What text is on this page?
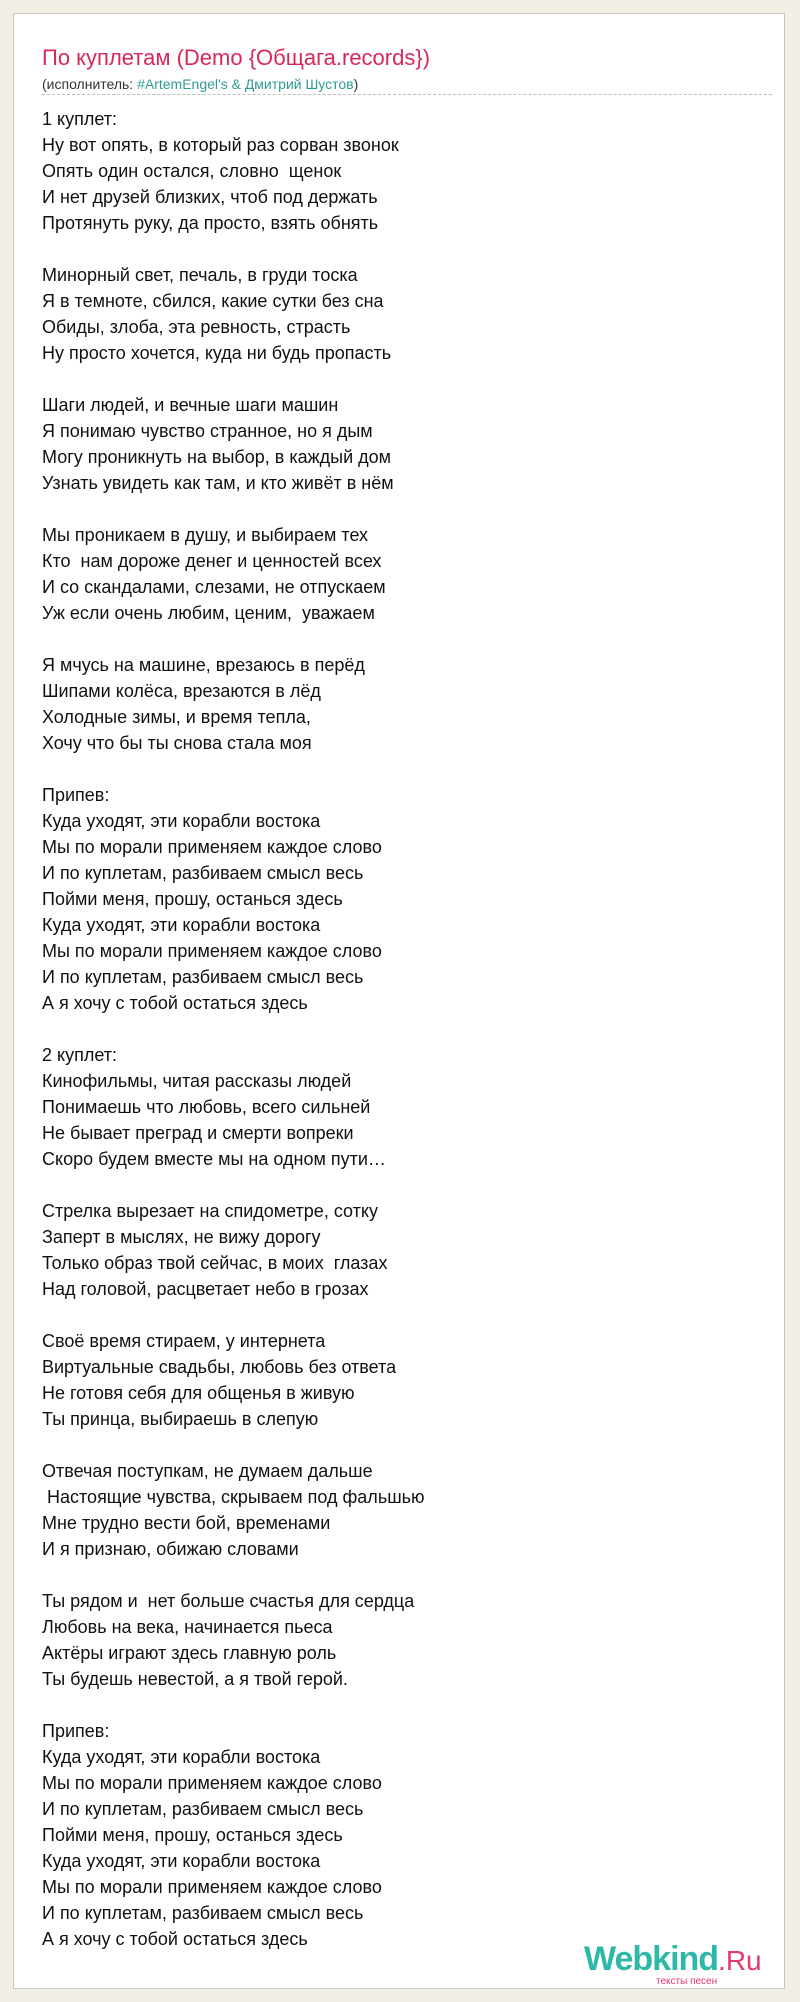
По куплетам (Demo {Общага.records})
(исполнитель: #ArtemEngel's & Дмитрий Шустов)
1 куплет:
Ну вот опять, в который раз сорван звонок
Опять один остался, словно  щенок
И нет друзей близких, чтоб под держать
Протянуть руку, да просто, взять обнять
Минорный свет, печаль, в груди тоска
Я в темноте, сбился, какие сутки без сна
Обиды, злоба, эта ревность, страсть
Ну просто хочется, куда ни будь пропасть
Шаги людей, и вечные шаги машин
Я понимаю чувство странное, но я дым
Могу проникнуть на выбор, в каждый дом
Узнать увидеть как там, и кто живёт в нём
Мы проникаем в душу, и выбираем тех
Кто  нам дороже денег и ценностей всех
И со скандалами, слезами, не отпускаем
Уж если очень любим, ценим,  уважаем
Я мчусь на машине, врезаюсь в перёд
Шипами колёса, врезаются в лёд
Холодные зимы, и время тепла,
Хочу что бы ты снова стала моя
Припев:
Куда уходят, эти корабли востока
Мы по морали применяем каждое слово
И по куплетам, разбиваем смысл весь
Пойми меня, прошу, останься здесь
Куда уходят, эти корабли востока
Мы по морали применяем каждое слово
И по куплетам, разбиваем смысл весь
А я хочу с тобой остаться здесь
2 куплет:
Кинофильмы, читая рассказы людей
Понимаешь что любовь, всего сильней
Не бывает преград и смерти вопреки
Скоро будем вместе мы на одном пути…
Стрелка вырезает на спидометре, сотку
Заперт в мыслях, не вижу дорогу
Только образ твой сейчас, в моих  глазах
Над головой, расцветает небо в грозах
Своё время стираем, у интернета
Виртуальные свадьбы, любовь без ответа
Не готовя себя для общенья в живую
Ты принца, выбираешь в слепую
Отвечая поступкам, не думаем дальше
Настоящие чувства, скрываем под фальшью
Мне трудно вести бой, временами
И я признаю, обижаю словами
Ты рядом и  нет больше счастья для сердца
Любовь на века, начинается пьеса
Актёры играют здесь главную роль
Ты будешь невестой, а я твой герой.
Припев:
Куда уходят, эти корабли востока
Мы по морали применяем каждое слово
И по куплетам, разбиваем смысл весь
Пойми меня, прошу, останься здесь
Куда уходят, эти корабли востока
Мы по морали применяем каждое слово
И по куплетам, разбиваем смысл весь
А я хочу с тобой остаться здесь
Webkind.Ru
тексты песен
